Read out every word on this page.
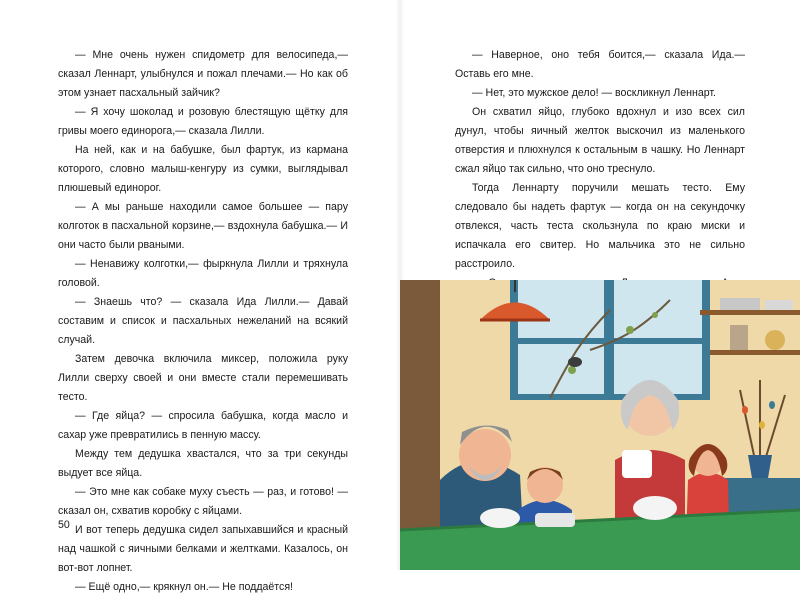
— Мне очень нужен спидометр для велосипеда,— сказал Леннарт, улыбнулся и пожал плечами.— Но как об этом узнает пасхальный зайчик?

— Я хочу шоколад и розовую блестящую щётку для гривы моего единорога,— сказала Лилли.

На ней, как и на бабушке, был фартук, из кармана которого, словно малыш-кенгуру из сумки, выглядывал плюшевый единорог.

— А мы раньше находили самое большее — пару колготок в пасхальной корзине,— вздохнула бабушка.— И они часто были рваными.

— Ненавижу колготки,— фыркнула Лилли и тряхнула головой.

— Знаешь что? — сказала Ида Лилли.— Давай составим и список и пасхальных нежеланий на всякий случай.

Затем девочка включила миксер, положила руку Лилли сверху своей и они вместе стали перемешивать тесто.

— Где яйца? — спросила бабушка, когда масло и сахар уже превратились в пенную массу.

Между тем дедушка хвастался, что за три секунды выдует все яйца.

— Это мне как собаке муху съесть — раз, и готово! — сказал он, схватив коробку с яйцами.

И вот теперь дедушка сидел запыхавшийся и красный над чашкой с яичными белками и желтками. Казалось, он вот-вот лопнет.

— Ещё одно,— крякнул он.— Не поддаётся!

50

— Наверное, оно тебя боится,— сказала Ида.— Оставь его мне.

— Нет, это мужское дело! — воскликнул Леннарт.

Он схватил яйцо, глубоко вдохнул и изо всех сил дунул, чтобы яичный желток выскочил из маленького отверстия и плюхнулся к остальным в чашку. Но Леннарт сжал яйцо так сильно, что оно треснуло.

Тогда Леннарту поручили мешать тесто. Ему следовало бы надеть фартук — когда он на секундочку отвлекся, часть теста скользнула по краю миски и испачкала его свитер. Но мальчика это не сильно расстроило.
